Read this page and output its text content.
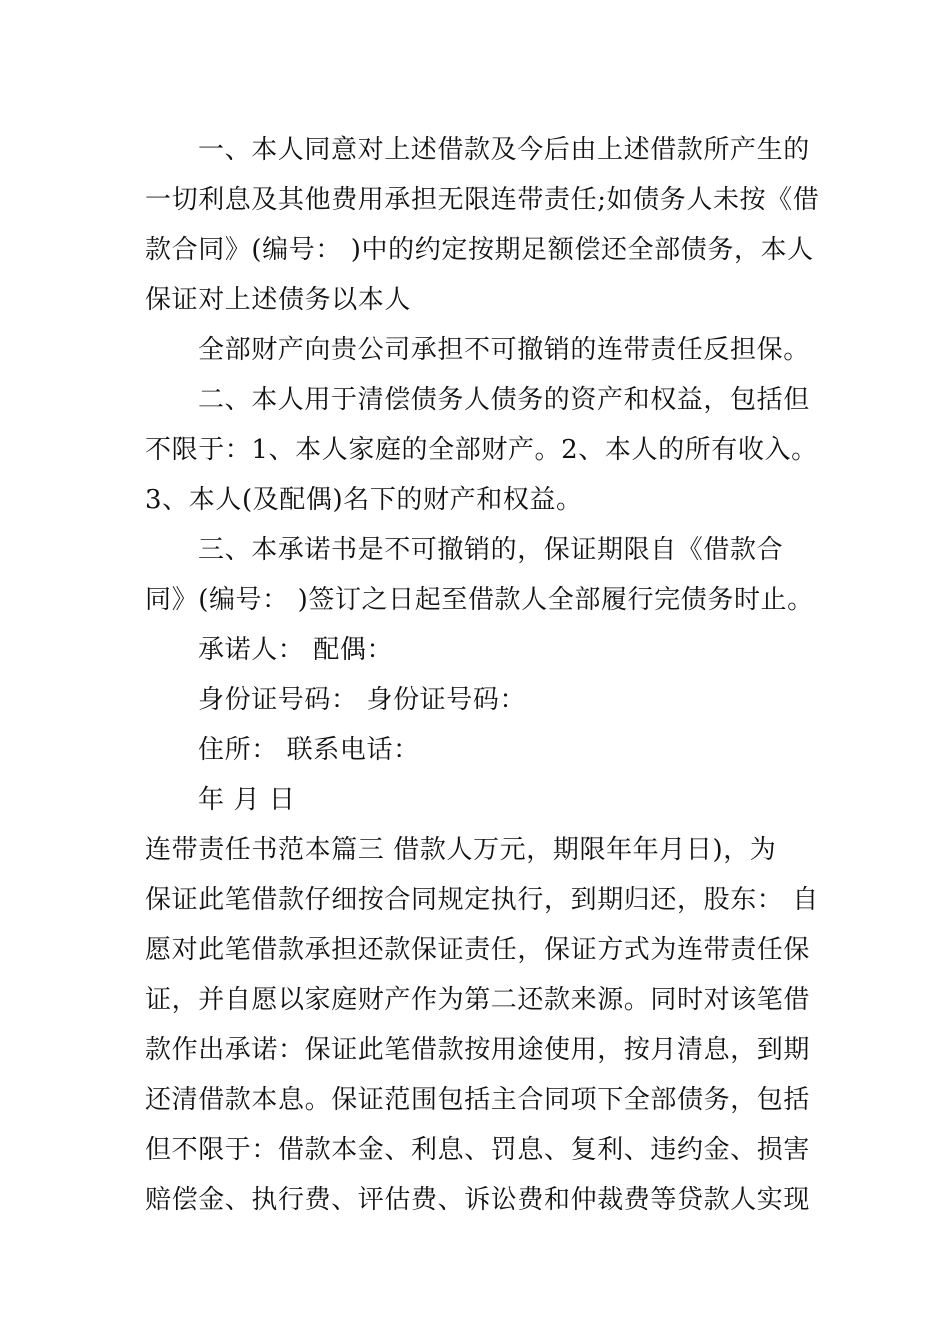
一、本人同意对上述借款及今后由上述借款所产生的
一切利息及其他费用承担无限连带责任;如债务人未按《借
款合同》(编号： )中的约定按期足额偿还全部债务，本人
保证对上述债务以本人
全部财产向贵公司承担不可撤销的连带责任反担保。
二、本人用于清偿债务人债务的资产和权益，包括但
不限于：1、本人家庭的全部财产。2、本人的所有收入。
3、本人(及配偶)名下的财产和权益。
三、本承诺书是不可撤销的，保证期限自《借款合
同》(编号： )签订之日起至借款人全部履行完债务时止。
承诺人： 配偶：
身份证号码： 身份证号码：
住所： 联系电话：
年 月 日
连带责任书范本篇三 借款人万元，期限年年月日)，为
保证此笔借款仔细按合同规定执行，到期归还，股东： 自
愿对此笔借款承担还款保证责任，保证方式为连带责任保
证，并自愿以家庭财产作为第二还款来源。同时对该笔借
款作出承诺：保证此笔借款按用途使用，按月清息，到期
还清借款本息。保证范围包括主合同项下全部债务，包括
但不限于：借款本金、利息、罚息、复利、违约金、损害
赔偿金、执行费、评估费、诉讼费和仲裁费等贷款人实现
